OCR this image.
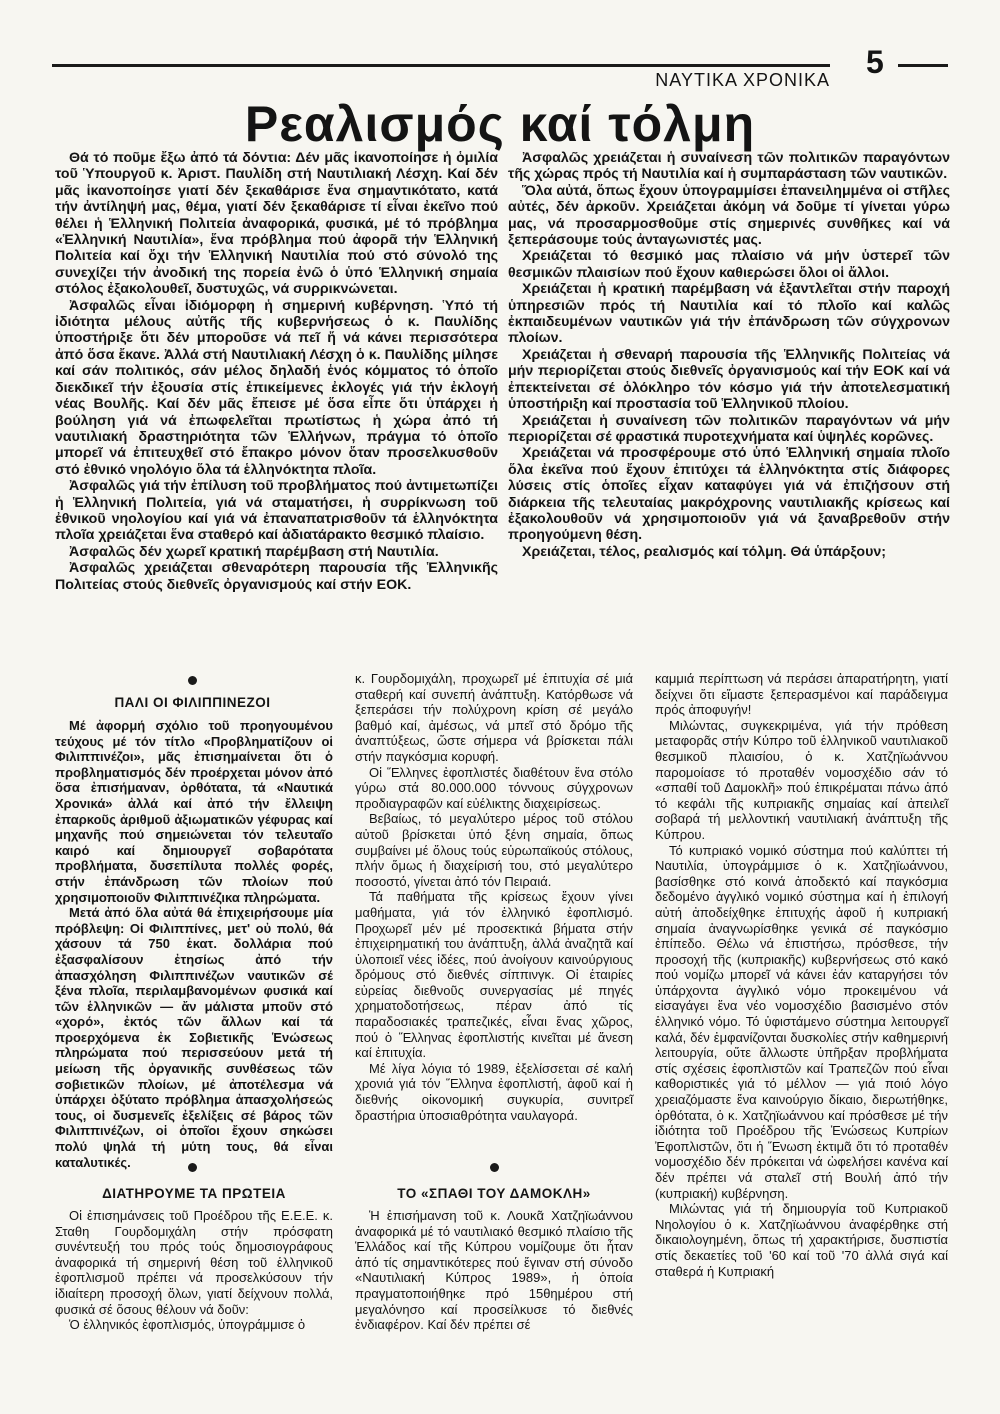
ΝΑΥΤΙΚΑ ΧΡΟΝΙΚΑ 5
Ρεαλισμός καί τόλμη

Θά τό ποῦμε ἔξω ἀπό τά δόντια: Δέν μᾶς ἱκανοποίησε ἡ ὁμιλία τοῦ Ὑπουργοῦ κ. Ἀριστ. Παυλίδη στή Ναυτιλιακή Λέσχη. Καί δέν μᾶς ἱκανοποίησε γιατί δέν ξεκαθάρισε ἕνα σημαντικότατο, κατά τήν ἀντίληψή μας, θέμα, γιατί δέν ξεκαθάρισε τί εἶναι ἐκεῖνο πού θέλει ἡ Ἑλληνική Πολιτεία ἀναφορικά, φυσικά, μέ τό πρόβλημα «Ἑλληνική Ναυτιλία», ἕνα πρόβλημα πού ἀφορᾶ τήν Ἑλληνική Πολιτεία καί ὄχι τήν Ἑλληνική Ναυτιλία πού στό σύνολό της συνεχίζει τήν ἀνοδική της πορεία ἐνῶ ὁ ὑπό Ἑλληνική σημαία στόλος ἐξακολουθεῖ, δυστυχῶς, νά συρρικνώνεται.

Ἀσφαλῶς εἶναι ἰδιόμορφη ἡ σημερινή κυβέρνηση. Ὑπό τή ἰδιότητα μέλους αὐτῆς τῆς κυβερνήσεως ὁ κ. Παυλίδης ὑποστήριξε ὅτι δέν μποροῦσε νά πεῖ ἤ νά κάνει περισσότερα ἀπό ὅσα ἔκανε. Ἀλλά στή Ναυτιλιακή Λέσχη ὁ κ. Παυλίδης μίλησε καί σάν πολιτικός, σάν μέλος δηλαδή ἑνός κόμματος τό ὁποῖο διεκδικεῖ τήν ἐξουσία στίς ἐπικείμενες ἐκλογές γιά τήν ἐκλογή νέας Βουλῆς. Καί δέν μᾶς ἔπεισε μέ ὅσα εἶπε ὅτι ὑπάρχει ἡ βούληση γιά νά ἐπωφελεῖται πρωτίστως ἡ χώρα ἀπό τή ναυτιλιακή δραστηριότητα τῶν Ἑλλήνων, πράγμα τό ὁποῖο μπορεῖ νά ἐπιτευχθεῖ στό ἔπακρο μόνον ὅταν προσελκυσθοῦν στό ἐθνικό νηολόγιο ὅλα τά ἑλληνόκτητα πλοῖα.

Ἀσφαλῶς γιά τήν ἐπίλυση τοῦ προβλήματος πού ἀντιμετωπίζει ἡ Ἑλληνική Πολιτεία, γιά νά σταματήσει, ἡ συρρίκνωση τοῦ ἐθνικοῦ νηολογίου καί γιά νά ἐπαναπατρισθοῦν τά ἑλληνόκτητα πλοῖα χρειάζεται ἕνα σταθερό καί ἀδιατάρακτο θεσμικό πλαίσιο.

Ἀσφαλῶς δέν χωρεῖ κρατική παρέμβαση στή Ναυτιλία.

Ἀσφαλῶς χρειάζεται σθεναρότερη παρουσία τῆς Ἑλληνικῆς Πολιτείας στούς διεθνεῖς ὀργανισμούς καί στήν ΕΟΚ.

Ἀσφαλῶς χρειάζεται ἡ συναίνεση τῶν πολιτικῶν παραγόντων τῆς χώρας πρός τή Ναυτιλία καί ἡ συμπαράσταση τῶν ναυτικῶν.

Ὅλα αὐτά, ὅπως ἔχουν ὑπογραμμίσει ἐπανειλημμένα οἱ στῆλες αὐτές, δέν ἀρκοῦν. Χρειάζεται ἀκόμη νά δοῦμε τί γίνεται γύρω μας, νά προσαρμοσθοῦμε στίς σημερινές συνθῆκες καί νά ξεπεράσουμε τούς ἀνταγωνιστές μας.

Χρειάζεται τό θεσμικό μας πλαίσιο νά μήν ὑστερεῖ τῶν θεσμικῶν πλαισίων πού ἔχουν καθιερώσει ὅλοι οἱ ἄλλοι.

Χρειάζεται ἡ κρατική παρέμβαση νά ἐξαντλεῖται στήν παροχή ὑπηρεσιῶν πρός τή Ναυτιλία καί τό πλοῖο καί καλῶς ἐκπαιδευμένων ναυτικῶν γιά τήν ἐπάνδρωση τῶν σύγχρονων πλοίων.

Χρειάζεται ἡ σθεναρή παρουσία τῆς Ἑλληνικῆς Πολιτείας νά μήν περιορίζεται στούς διεθνεῖς ὀργανισμούς καί τήν ΕΟΚ καί νά ἐπεκτείνεται σέ ὁλόκληρο τόν κόσμο γιά τήν ἀποτελεσματική ὑποστήριξη καί προστασία τοῦ Ἑλληνικοῦ πλοίου.

Χρειάζεται ἡ συναίνεση τῶν πολιτικῶν παραγόντων νά μήν περιορίζεται σέ φραστικά πυροτεχνήματα καί ὑψηλές κορῶνες.

Χρειάζεται νά προσφέρουμε στό ὑπό Ἑλληνική σημαία πλοῖο ὅλα ἐκεῖνα πού ἔχουν ἐπιτύχει τά ἑλληνόκτητα στίς διάφορες λύσεις στίς ὁποῖες εἶχαν καταφύγει γιά νά ἐπιζήσουν στή διάρκεια τῆς τελευταίας μακρόχρονης ναυτιλιακῆς κρίσεως καί ἐξακολουθοῦν νά χρησιμοποιοῦν γιά νά ξαναβρεθοῦν στήν προηγούμενη θέση.

Χρειάζεται, τέλος, ρεαλισμός καί τόλμη. Θά ὑπάρξουν;

ΠΑΛΙ ΟΙ ΦΙΛΙΠΠΙΝΕΖΟΙ

Μέ ἀφορμή σχόλιο τοῦ προηγουμένου τεύχους μέ τόν τίτλο «Προβληματίζουν οἱ Φιλιππινέζοι», μᾶς ἐπισημαίνεται ὅτι ὁ προβληματισμός δέν προέρχεται μόνον ἀπό ὅσα ἐπισήμαναν, ὀρθότατα, τά «Ναυτικά Χρονικά» ἀλλά καί ἀπό τήν ἔλλειψη ἐπαρκοῦς ἀριθμοῦ ἀξιωματικῶν γέφυρας καί μηχανῆς πού σημειώνεται τόν τελευταῖο καιρό καί δημιουργεῖ σοβαρότατα προβλήματα, δυσεπίλυτα πολλές φορές, στήν ἐπάνδρωση τῶν πλοίων πού χρησιμοποιοῦν Φιλιππινέζικα πληρώματα.

Μετά ἀπό ὅλα αὐτά θά ἐπιχειρήσουμε μία πρόβλεψη: Οἱ Φιλιππίνες, μετ' οὐ πολύ, θά χάσουν τά 750 ἑκατ. δολλάρια πού ἐξασφαλίσουν ἐτησίως ἀπό τήν ἀπασχόληση Φιλιππινέζων ναυτικῶν σέ ξένα πλοῖα, περιλαμβανομένων φυσικά καί τῶν ἑλληνικῶν — ἄν μάλιστα μποῦν στό «χορό», ἐκτός τῶν ἄλλων καί τά προερχόμενα ἐκ Σοβιετικῆς Ἑνώσεως πληρώματα πού περισσεύουν μετά τή μείωση τῆς ὀργανικῆς συνθέσεως τῶν σοβιετικῶν πλοίων, μέ ἀποτέλεσμα νά ὑπάρχει ὀξύτατο πρόβλημα ἀπασχολήσεώς τους, οἱ δυσμενεῖς ἐξελίξεις σέ βάρος τῶν Φιλιππινέζων, οἱ ὁποῖοι ἔχουν σηκώσει πολύ ψηλά τή μύτη τους, θά εἶναι καταλυτικές.

ΔΙΑΤΗΡΟΥΜΕ ΤΑ ΠΡΩΤΕΙΑ

Οἱ ἐπισημάνσεις τοῦ Προέδρου τῆς Ε.Ε.Ε. κ. Σταθη Γουρδομιχάλη στήν πρόσφατη συνέντευξή του πρός τούς δημοσιογράφους ἀναφορικά τή σημερινή θέση τοῦ ἑλληνικοῦ ἐφοπλισμοῦ πρέπει νά προσελκύσουν τήν ἰδιαίτερη προσοχή ὅλων, γιατί δείχνουν πολλά, φυσικά σέ ὅσους θέλουν νά δοῦν:

Ὁ ἑλληνικός ἐφοπλισμός, ὑπογράμμισε ὁ

κ. Γουρδομιχάλη, προχωρεῖ μέ ἐπιτυχία σέ μιά σταθερή καί συνεπή ἀνάπτυξη. Κατόρθωσε νά ξεπεράσει τήν πολύχρονη κρίση σέ μεγάλο βαθμό καί, ἀμέσως, νά μπεῖ στό δρόμο τῆς ἀναπτύξεως, ὥστε σήμερα νά βρίσκεται πάλι στήν παγκόσμια κορυφή.

Οἱ Ἕλληνες ἐφοπλιστές διαθέτουν ἕνα στόλο γύρω στά 80.000.000 τόννους σύγχρονων προδιαγραφῶν καί εὐέλικτης διαχειρίσεως.

Βεβαίως, τό μεγαλύτερο μέρος τοῦ στόλου αὐτοῦ βρίσκεται ὑπό ξένη σημαία, ὅπως συμβαίνει μέ ὅλους τούς εὐρωπαϊκούς στόλους, πλήν ὅμως ἡ διαχείρισή του, στό μεγαλύτερο ποσοστό, γίνεται ἀπό τόν Πειραιά.

Τά παθήματα τῆς κρίσεως ἔχουν γίνει μαθήματα, γιά τόν ἑλληνικό ἐφοπλισμό. Προχωρεῖ μέν μέ προσεκτικά βήματα στήν ἐπιχειρηματική του ἀνάπτυξη, ἀλλά ἀναζητᾶ καί ὑλοποιεῖ νέες ἰδέες, πού ἀνοίγουν καινούργιους δρόμους στό διεθνές σίππινγκ. Οἱ ἑταιρίες εὐρείας διεθνοῦς συνεργασίας μέ πηγές χρηματοδοτήσεως, πέραν ἀπό τίς παραδοσιακές τραπεζικές, εἶναι ἕνας χῶρος, πού ὁ Ἕλληνας ἐφοπλιστής κινεῖται μέ ἄνεση καί ἐπιτυχία.

Μέ λίγα λόγια τό 1989, ἐξελίσσεται σέ καλή χρονιά γιά τόν Ἕλληνα ἐφοπλιστή, ἀφοῦ καί ἡ διεθνής οἰκονομική συγκυρία, συνιτρεῖ δραστήρια ὑποσιαθρότητα ναυλαγορά.

ΤΟ «ΣΠΑΘΙ ΤΟΥ ΔΑΜΟΚΛΗ»

Ἡ ἐπισήμανση τοῦ κ. Λουκᾶ Χατζηϊωάννου ἀναφορικά μέ τό ναυτιλιακό θεσμικό πλαίσιο τῆς Ἑλλάδος καί τῆς Κύπρου νομίζουμε ὅτι ἦταν ἀπό τίς σημαντικότερες πού ἔγιναν στή σύνοδο «Ναυτιλιακή Κύπρος 1989», ἡ ὁποία πραγματοποιήθηκε πρό 15θημέρου στή μεγαλόνησο καί προσείλκυσε τό διεθνές ἐνδιαφέρον. Καί δέν πρέπει σέ

καμμιά περίπτωση νά περάσει ἀπαρατήρητη, γιατί δείχνει ὅτι εἴμαστε ξεπερασμένοι καί παράδειγμα πρός ἀποφυγήν!

Μιλώντας, συγκεκριμένα, γιά τήν πρόθεση μεταφορᾶς στήν Κύπρο τοῦ ἑλληνικοῦ ναυτιλιακοῦ θεσμικοῦ πλαισίου, ὁ κ. Χατζηϊωάννου παρομοίασε τό προταθέν νομοσχέδιο σάν τό «σπαθί τοῦ Δαμοκλῆ» πού ἐπικρέμαται πάνω ἀπό τό κεφάλι τῆς κυπριακῆς σημαίας καί ἀπειλεῖ σοβαρά τή μελλοντική ναυτιλιακή ἀνάπτυξη τῆς Κύπρου.

Τό κυπριακό νομικό σύστημα πού καλύπτει τή Ναυτιλία, ὑπογράμμισε ὁ κ. Χατζηϊωάννου, βασίσθηκε στό κοινά ἀποδεκτό καί παγκόσμια δεδομένο ἀγγλικό νομικό σύστημα καί ἡ ἐπιλογή αὐτή ἀποδείχθηκε ἐπιτυχής ἀφοῦ ἡ κυπριακή σημαία ἀναγνωρίσθηκε γενικά σέ παγκόσμιο ἐπίπεδο. Θέλω νά ἐπιστήσω, πρόσθεσε, τήν προσοχή τῆς (κυπριακῆς) κυβερνήσεως στό κακό πού νομίζω μπορεῖ νά κάνει ἐάν καταργήσει τόν ὑπάρχοντα ἀγγλικό νόμο προκειμένου νά εἰσαγάγει ἕνα νέο νομοσχέδιο βασισμένο στόν ἑλληνικό νόμο. Τό ὑφιστάμενο σύστημα λειτουργεῖ καλά, δέν ἐμφανίζονται δυσκολίες στήν καθημερινή λειτουργία, οὔτε ἄλλωστε ὑπῆρξαν προβλήματα στίς σχέσεις ἐφοπλιστῶν καί Τραπεζῶν πού εἶναι καθοριστικές γιά τό μέλλον — γιά ποιό λόγο χρειαζόμαστε ἕνα καινούργιο δίκαιο, διερωτήθηκε, ὀρθότατα, ὁ κ. Χατζηϊωάννου καί πρόσθεσε μέ τήν ἰδιότητα τοῦ Προέδρου τῆς Ἑνώσεως Κυπρίων Ἐφοπλιστῶν, ὅτι ἡ Ἕνωση ἐκτιμᾶ ὅτι τό προταθέν νομοσχέδιο δέν πρόκειται νά ὠφελήσει κανένα καί δέν πρέπει νά σταλεῖ στή Βουλή ἀπό τήν (κυπριακή) κυβέρνηση.

Μιλώντας γιά τή δημιουργία τοῦ Κυπριακοῦ Νηολογίου ὁ κ. Χατζηϊωάννου ἀναφέρθηκε στή δικαιολογημένη, ὅπως τή χαρακτήρισε, δυσπιστία στίς δεκαετίες τοῦ '60 καί τοῦ '70 ἀλλά σιγά καί σταθερά ἡ Κυπριακή
